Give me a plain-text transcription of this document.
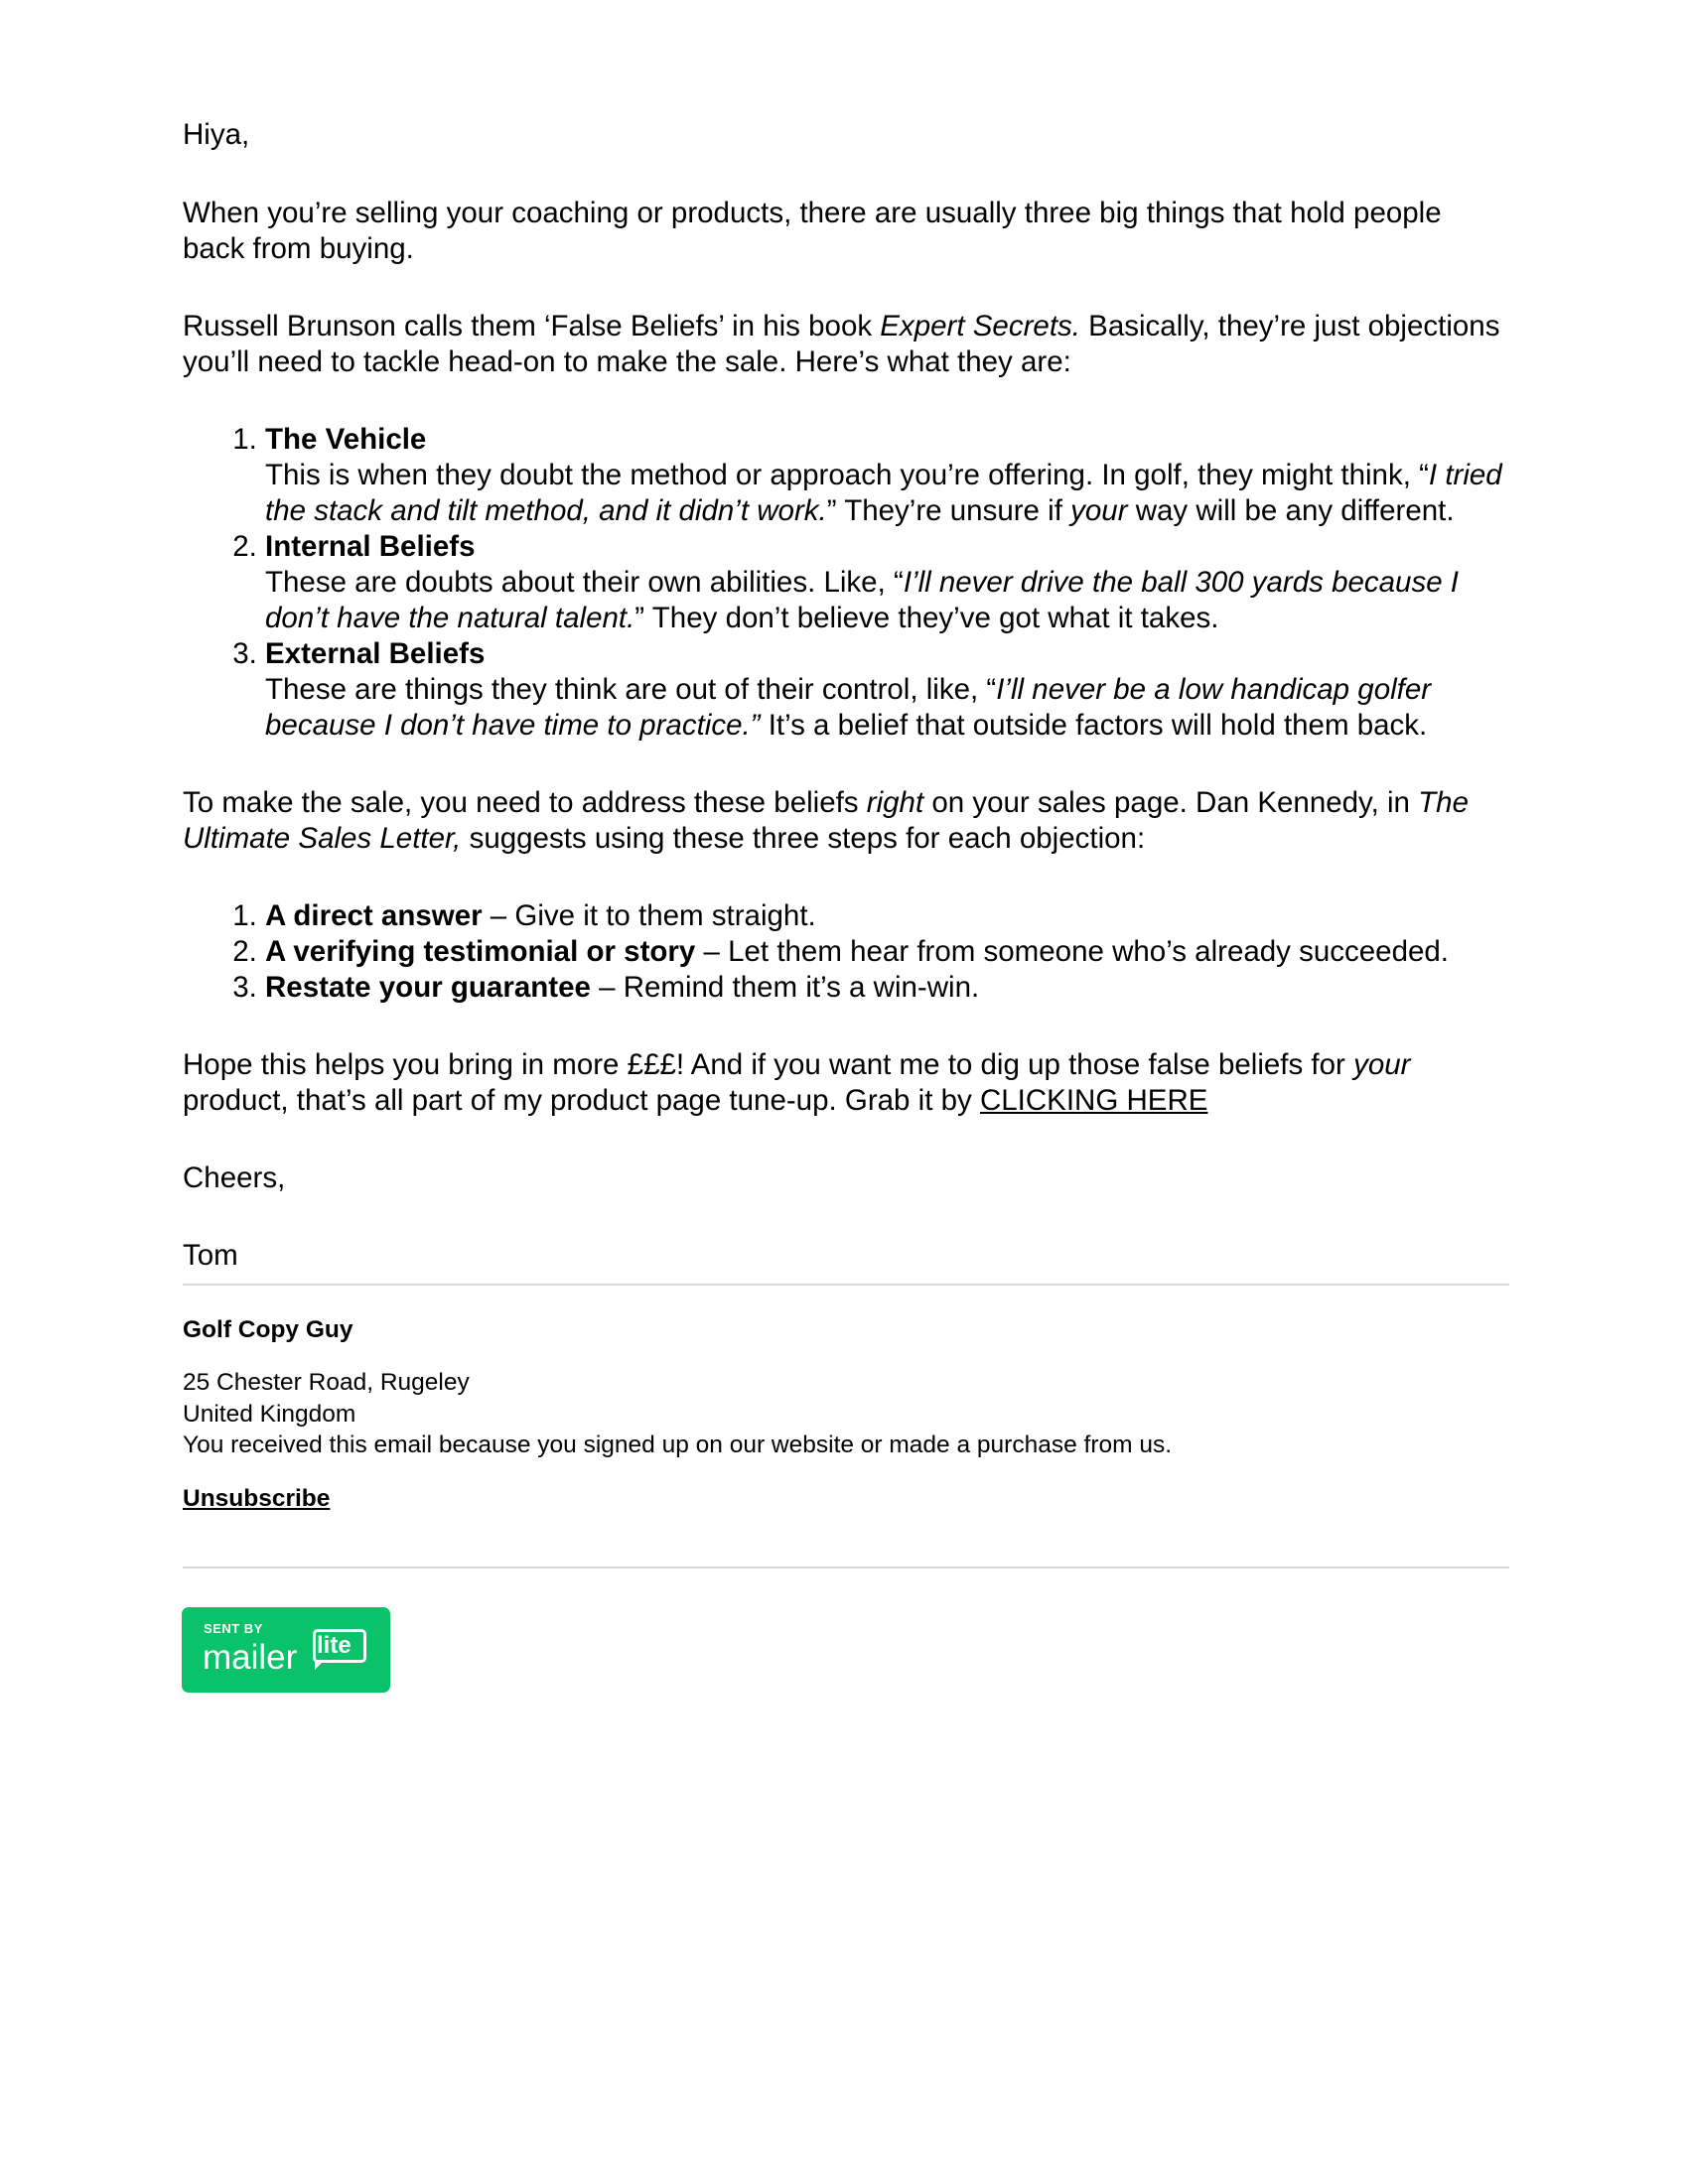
Hiya,

When you’re selling your coaching or products, there are usually three big things that hold people back from buying.

Russell Brunson calls them ‘False Beliefs’ in his book Expert Secrets. Basically, they’re just objections you’ll need to tackle head-on to make the sale. Here’s what they are:

1. The Vehicle
This is when they doubt the method or approach you’re offering. In golf, they might think, “I tried the stack and tilt method, and it didn’t work.” They’re unsure if your way will be any different.
2. Internal Beliefs
These are doubts about their own abilities. Like, “I’ll never drive the ball 300 yards because I don’t have the natural talent.” They don’t believe they’ve got what it takes.
3. External Beliefs
These are things they think are out of their control, like, “I’ll never be a low handicap golfer because I don’t have time to practice.” It’s a belief that outside factors will hold them back.

To make the sale, you need to address these beliefs right on your sales page. Dan Kennedy, in The Ultimate Sales Letter, suggests using these three steps for each objection:

1. A direct answer – Give it to them straight.
2. A verifying testimonial or story – Let them hear from someone who’s already succeeded.
3. Restate your guarantee – Remind them it’s a win-win.

Hope this helps you bring in more £££! And if you want me to dig up those false beliefs for your product, that’s all part of my product page tune-up. Grab it by CLICKING HERE

Cheers,

Tom

Golf Copy Guy
25 Chester Road, Rugeley
United Kingdom
You received this email because you signed up on our website or made a purchase from us.
Unsubscribe
SENT BY
mailer lite
